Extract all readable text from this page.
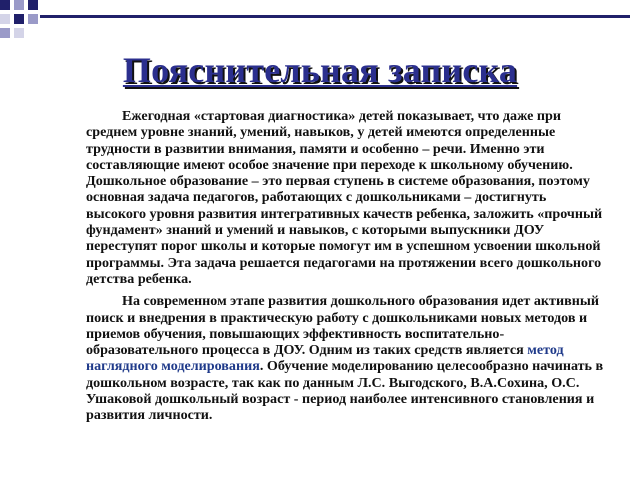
Пояснительная записка

Ежегодная «стартовая диагностика» детей показывает, что даже при среднем уровне знаний, умений, навыков, у детей имеются определенные трудности в развитии внимания, памяти и особенно – речи. Именно эти составляющие имеют особое значение при переходе к школьному обучению. Дошкольное образование – это первая ступень в системе образования, поэтому основная задача педагогов, работающих с дошкольниками – достигнуть высокого уровня развития интегративных качеств ребенка, заложить «прочный фундамент» знаний и умений и навыков, с которыми выпускники ДОУ переступят порог школы и которые помогут им в успешном усвоении школьной программы. Эта задача решается педагогами на протяжении всего дошкольного детства ребенка.

На современном этапе развития дошкольного образования идет активный поиск и внедрения в практическую работу с дошкольниками новых методов и приемов обучения, повышающих эффективность воспитательно-образовательного процесса в ДОУ. Одним из таких средств является метод наглядного моделирования. Обучение моделированию целесообразно начинать в дошкольном возрасте, так как по данным Л.С. Выгодского, В.А.Сохина, О.С. Ушаковой дошкольный возраст - период наиболее интенсивного становления и развития личности.
